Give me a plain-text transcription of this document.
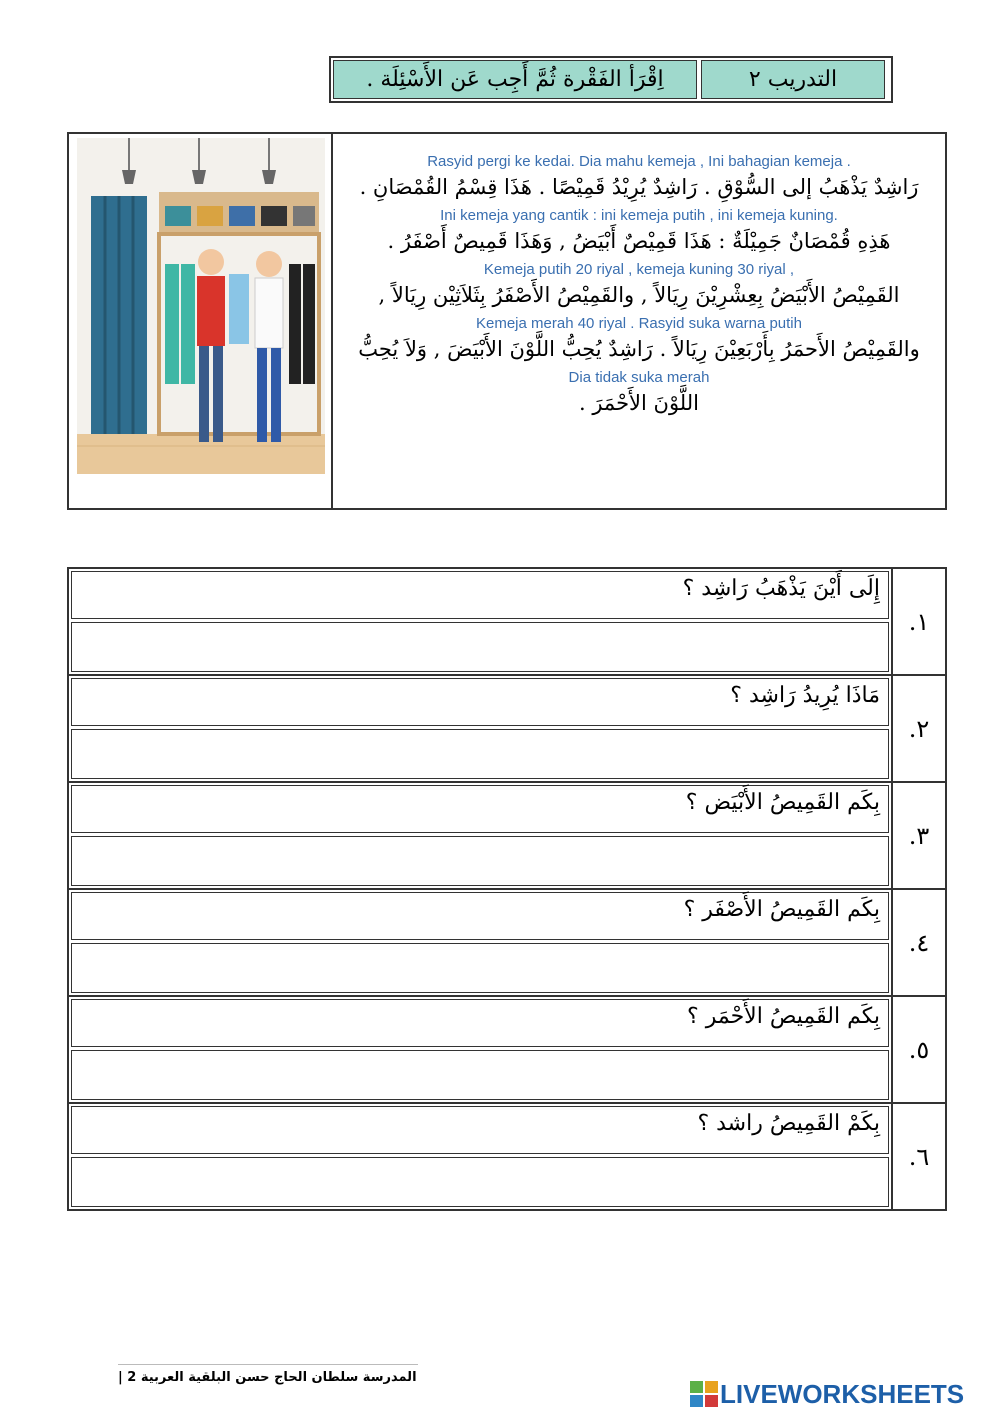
اِقْرَأ الفَقْرة ثُمَّ أَجِب عَن الأَسْئِلَة .	التدريب ٢
Rasyid pergi ke kedai. Dia mahu kemeja , Ini bahagian kemeja .
رَاشِدٌ يَذْهَبُ إلى السُّوْقِ . رَاشِدٌ يُرِيْدُ قَمِيْصًا . هَذَا قِسْمُ القُمْصَانِ .
Ini kemeja yang cantik : ini kemeja putih , ini kemeja kuning.
هَذِهِ قُمْصَانٌ جَمِيْلَةٌ : هَذَا قَمِيْصٌ أَبْيَضُ , وَهَذَا قَمِيصٌ أَصْفَرُ .
Kemeja putih 20 riyal , kemeja kuning 30 riyal ,
القَمِيْصُ الأَبْيَضُ بِعِشْرِيْنَ رِيَالاً , والقَمِيْصُ الأَصْفَرُ بِثَلاَثِيْن رِيَالاً ,
Kemeja merah 40 riyal . Rasyid suka warna putih
والقَمِيْصُ الأَحمَرُ بِأَرْبَعِيْنَ رِيَالاً . رَاشِدٌ يُحِبُّ اللَّوْنَ الأَبْيَضَ , وَلاَ يُحِبُّ
Dia tidak suka merah
اللَّوْنَ الأَحْمَرَ .
إِلَى أَيْنَ يَذْهَبُ رَاشِد ؟
١.
مَاذَا يُرِيدُ رَاشِد ؟
٢.
بِكَم القَمِيصُ الأَبْيَض ؟
٣.
بِكَم القَمِيصُ الأَصْفَر ؟
٤.
بِكَم القَمِيصُ الأَحْمَر ؟
٥.
بِكَمْ القَمِيصُ راشد ؟
٦.
المدرسة سلطان الحاج حسن البلقية العربية 2 |
LIVEWORKSHEETS
